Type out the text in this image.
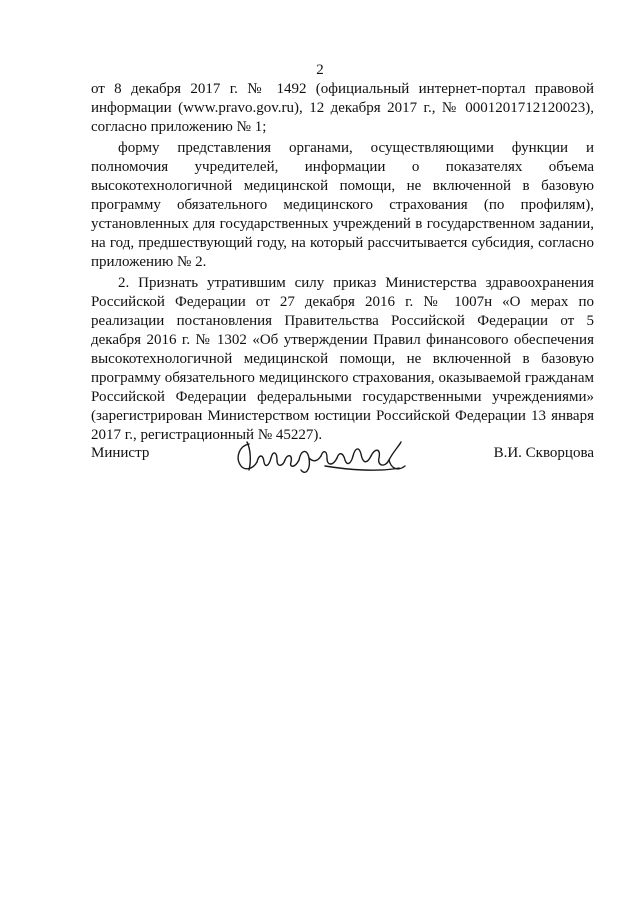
2

от 8 декабря 2017 г. № 1492 (официальный интернет-портал правовой информации (www.pravo.gov.ru), 12 декабря 2017 г., № 0001201712120023), согласно приложению № 1;

форму представления органами, осуществляющими функции и полномочия учредителей, информации о показателях объема высокотехнологичной медицинской помощи, не включенной в базовую программу обязательного медицинского страхования (по профилям), установленных для государственных учреждений в государственном задании, на год, предшествующий году, на который рассчитывается субсидия, согласно приложению № 2.

2. Признать утратившим силу приказ Министерства здравоохранения Российской Федерации от 27 декабря 2016 г. № 1007н «О мерах по реализации постановления Правительства Российской Федерации от 5 декабря 2016 г. № 1302 «Об утверждении Правил финансового обеспечения высокотехнологичной медицинской помощи, не включенной в базовую программу обязательного медицинского страхования, оказываемой гражданам Российской Федерации федеральными государственными учреждениями» (зарегистрирован Министерством юстиции Российской Федерации 13 января 2017 г., регистрационный № 45227).

Министр	В.И. Скворцова
